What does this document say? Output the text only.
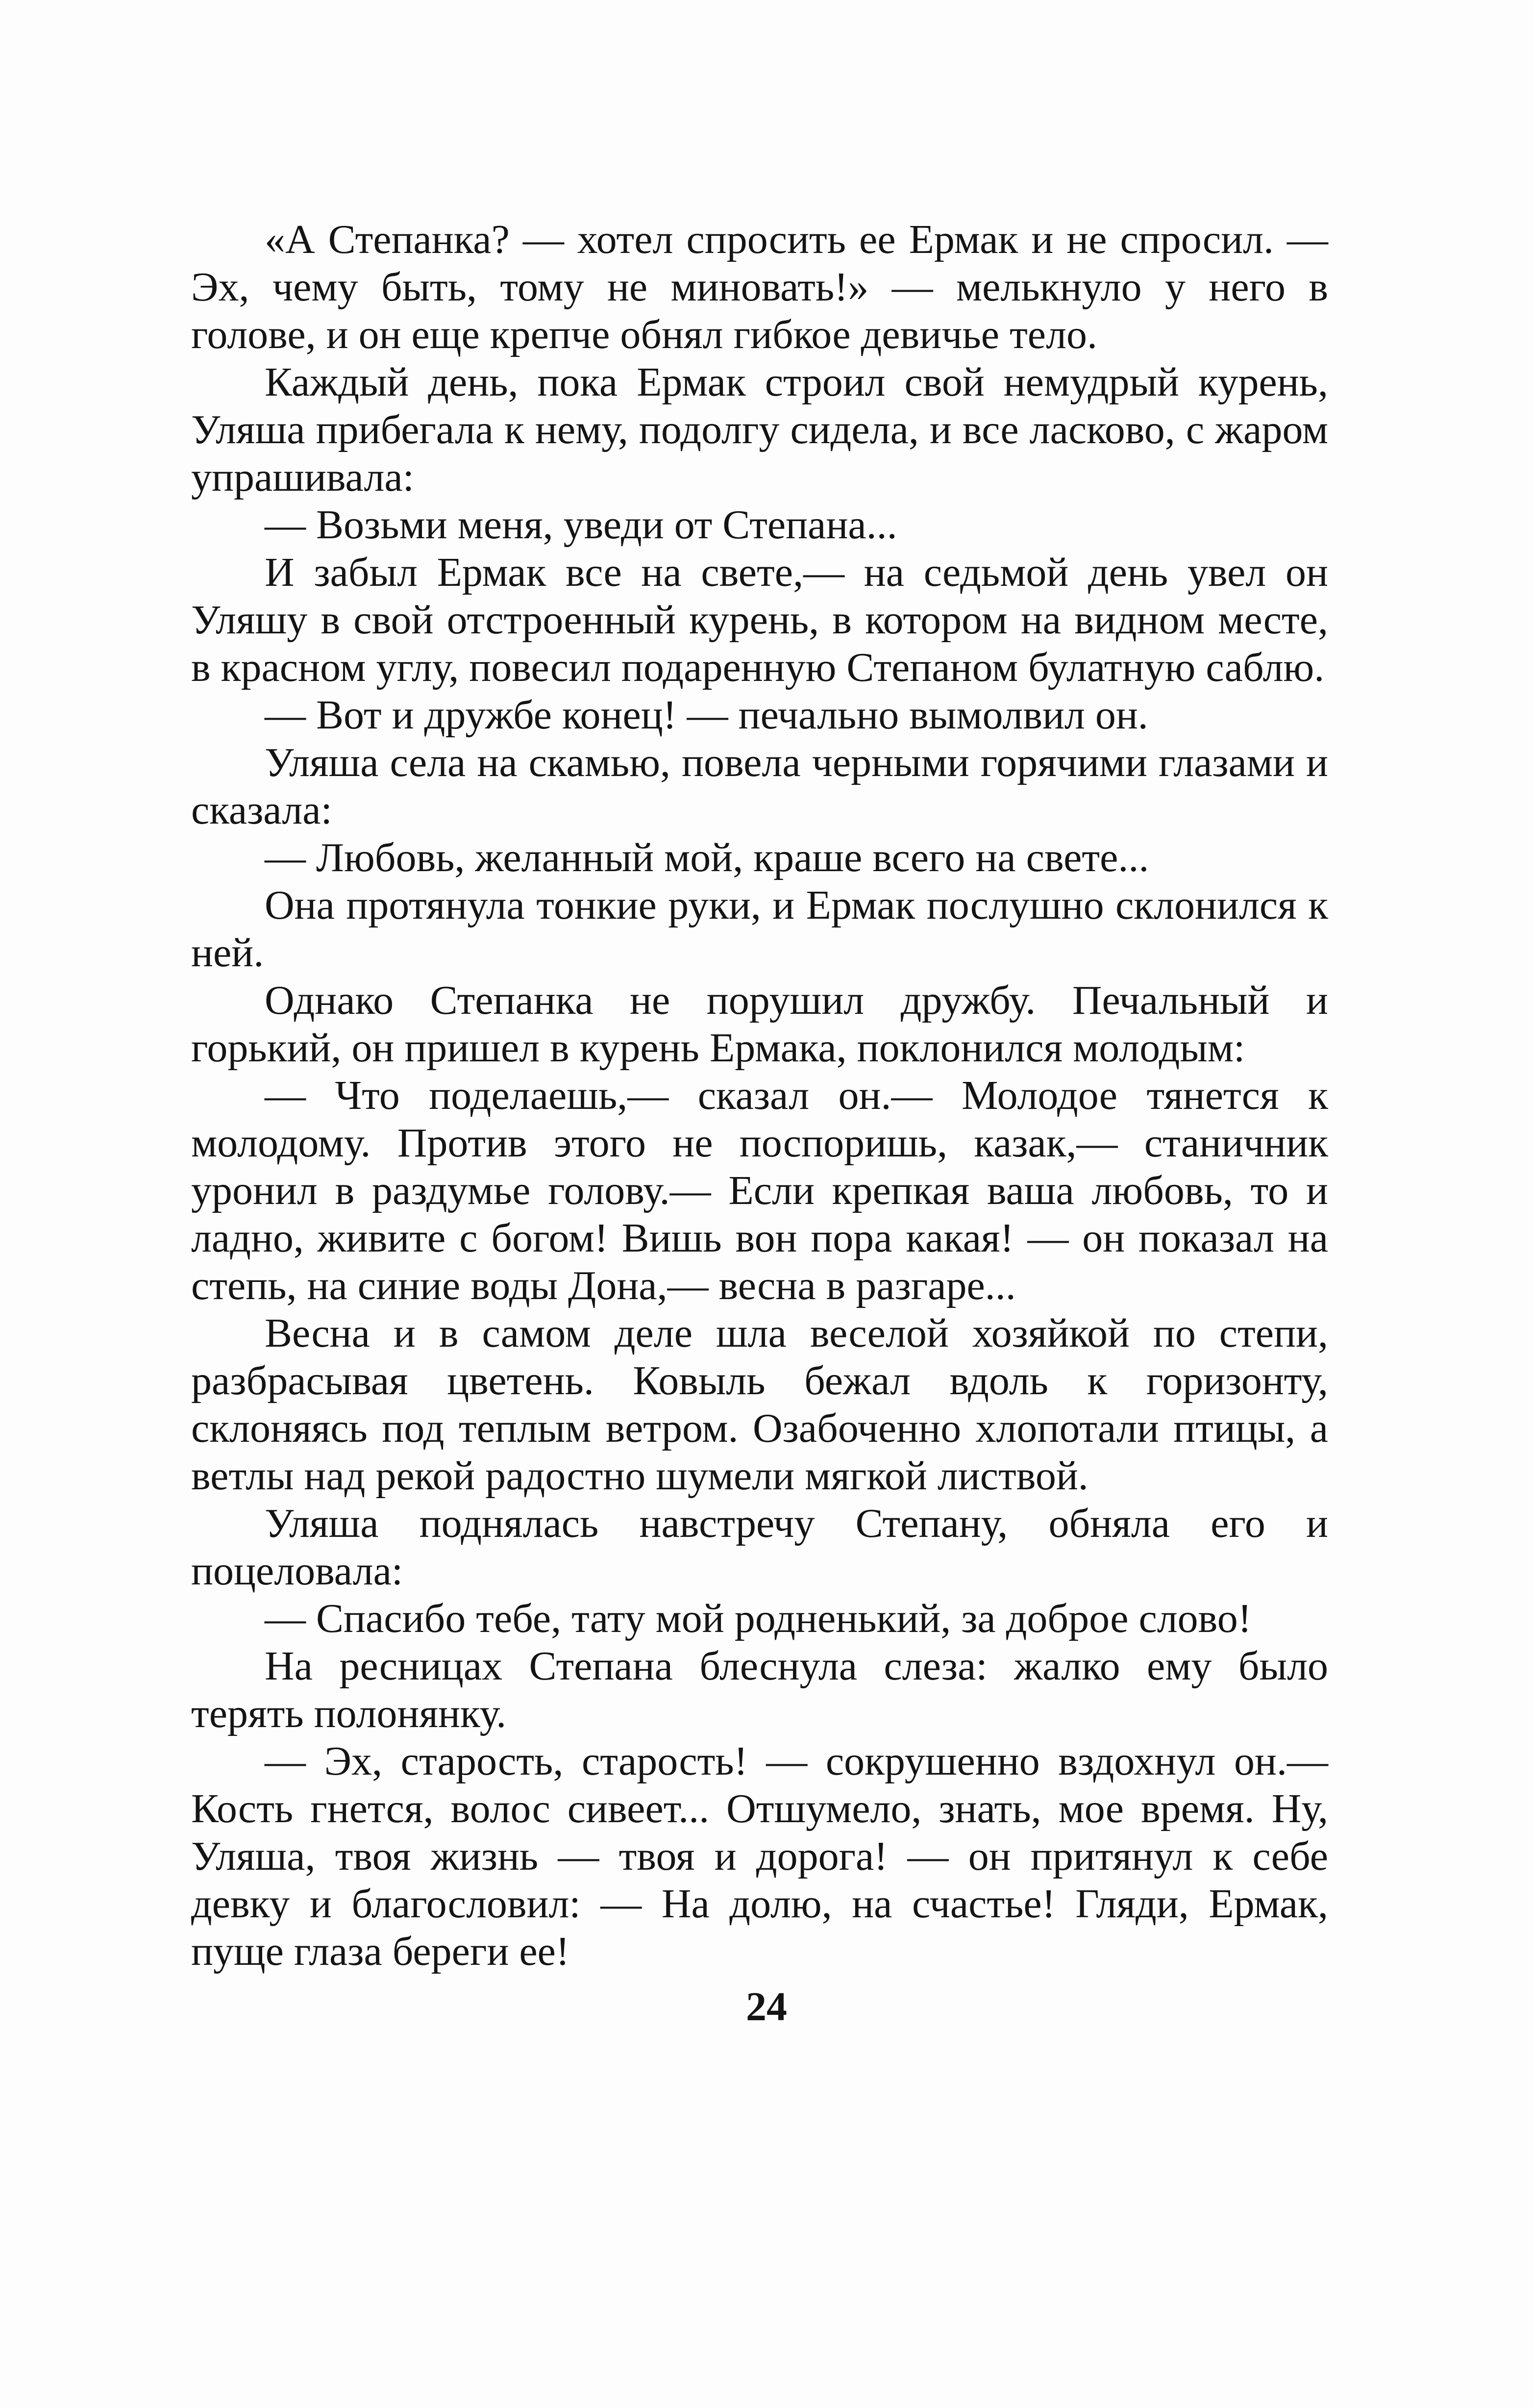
«А Степанка? — хотел спросить ее Ермак и не спросил. — Эх, чему быть, тому не миновать!» — мелькнуло у него в голове, и он еще крепче обнял гибкое девичье тело.

Каждый день, пока Ермак строил свой немудрый курень, Уляша прибегала к нему, подолгу сидела, и все ласково, с жаром упрашивала:

— Возьми меня, уведи от Степана...

И забыл Ермак все на свете,— на седьмой день увел он Уляшу в свой отстроенный курень, в котором на видном месте, в красном углу, повесил подаренную Степаном булатную саблю.

— Вот и дружбе конец! — печально вымолвил он.

Уляша села на скамью, повела черными горячими глазами и сказала:

— Любовь, желанный мой, краше всего на свете...

Она протянула тонкие руки, и Ермак послушно склонился к ней.

Однако Степанка не порушил дружбу. Печальный и горький, он пришел в курень Ермака, поклонился молодым:

— Что поделаешь,— сказал он.— Молодое тянется к молодому. Против этого не поспоришь, казак,— станичник уронил в раздумье голову.— Если крепкая ваша любовь, то и ладно, живите с богом! Вишь вон пора какая! — он показал на степь, на синие воды Дона,— весна в разгаре...

Весна и в самом деле шла веселой хозяйкой по степи, разбрасывая цветень. Ковыль бежал вдоль к горизонту, склоняясь под теплым ветром. Озабоченно хлопотали птицы, а ветлы над рекой радостно шумели мягкой листвой.

Уляша поднялась навстречу Степану, обняла его и поцеловала:

— Спасибо тебе, тату мой родненький, за доброе слово!

На ресницах Степана блеснула слеза: жалко ему было терять полонянку.

— Эх, старость, старость! — сокрушенно вздохнул он.— Кость гнется, волос сивеет... Отшумело, знать, мое время. Ну, Уляша, твоя жизнь — твоя и дорога! — он притянул к себе девку и благословил: — На долю, на счастье! Гляди, Ермак, пуще глаза береги ее!

24
